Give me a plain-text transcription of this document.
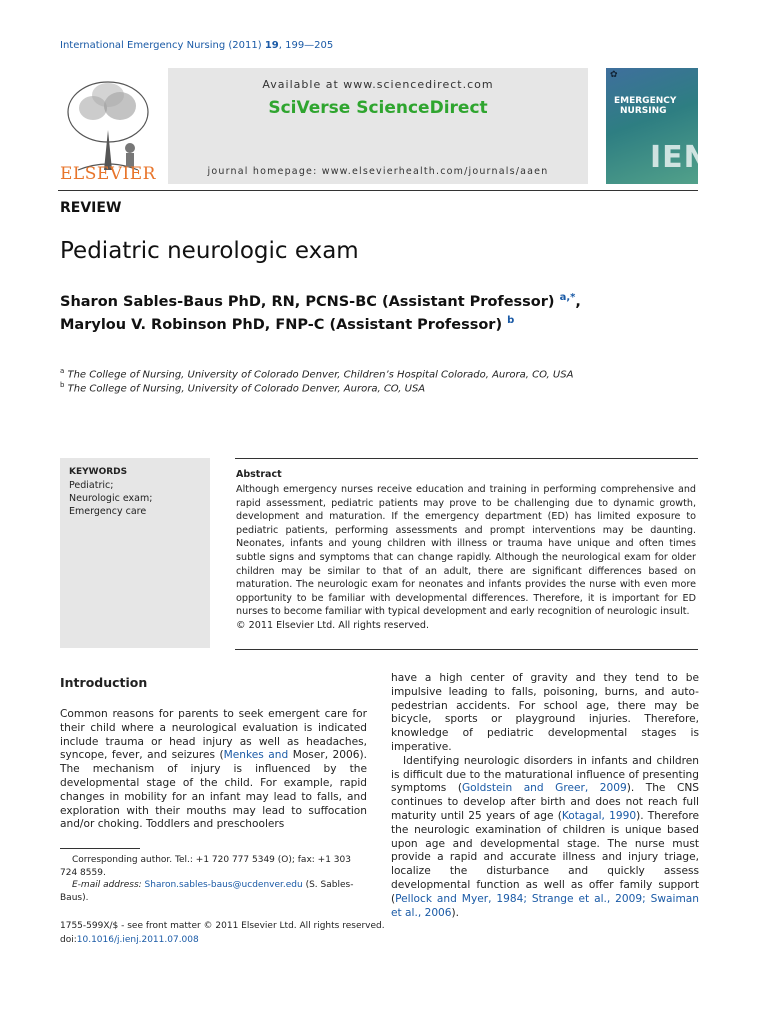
International Emergency Nursing (2011) 19, 199—205
ELSEVIER
Available at www.sciencedirect.com
SciVerse ScienceDirect
journal homepage: www.elsevierhealth.com/journals/aaen
✿
EMERGENCY
NURSING
IEN
REVIEW
Pediatric neurologic exam
Sharon Sables-Baus PhD, RN, PCNS-BC (Assistant Professor) $^{a,*}$,
Marylou V. Robinson PhD, FNP-C (Assistant Professor) $^b$
$^a$ The College of Nursing, University of Colorado Denver, Children’s Hospital Colorado, Aurora, CO, USA
$^b$ The College of Nursing, University of Colorado Denver, Aurora, CO, USA
KEYWORDS
Pediatric;
Neurologic exam;
Emergency care
Abstract
Although emergency nurses receive education and training in performing comprehensive and rapid assessment, pediatric patients may prove to be challenging due to dynamic growth, development and maturation. If the emergency department (ED) has limited exposure to pediatric patients, performing assessments and prompt interventions may be daunting. Neonates, infants and young children with illness or trauma have unique and often times subtle signs and symptoms that can change rapidly. Although the neurological exam for older children may be similar to that of an adult, there are significant differences based on maturation. The neurologic exam for neonates and infants provides the nurse with even more opportunity to be familiar with developmental differences. Therefore, it is important for ED nurses to become familiar with typical development and early recognition of neurologic insult.
© 2011 Elsevier Ltd. All rights reserved.
Introduction

Common reasons for parents to seek emergent care for their child where a neurological evaluation is indicated include trauma or head injury as well as headaches, syncope, fever, and seizures (Menkes and Moser, 2006). The mechanism of injury is influenced by the developmental stage of the child. For example, rapid changes in mobility for an infant may lead to falls, and exploration with their mouths may lead to suffocation and/or choking. Toddlers and preschoolers

have a high center of gravity and they tend to be impulsive leading to falls, poisoning, burns, and auto-pedestrian accidents. For school age, there may be bicycle, sports or playground injuries. Therefore, knowledge of pediatric developmental stages is imperative.

Identifying neurologic disorders in infants and children is difficult due to the maturational influence of presenting symptoms (Goldstein and Greer, 2009). The CNS continues to develop after birth and does not reach full maturity until 25 years of age (Kotagal, 1990). Therefore the neurologic examination of children is unique based upon age and developmental stage. The nurse must provide a rapid and accurate illness and injury triage, localize the disturbance and quickly assess developmental function as well as offer family support (Pellock and Myer, 1984; Strange et al., 2009; Swaiman et al., 2006).

Corresponding author. Tel.: +1 720 777 5349 (O); fax: +1 303 724 8559.
E-mail address: Sharon.sables-baus@ucdenver.edu (S. Sables-Baus).
1755-599X/$ - see front matter © 2011 Elsevier Ltd. All rights reserved.
doi:10.1016/j.ienj.2011.07.008
